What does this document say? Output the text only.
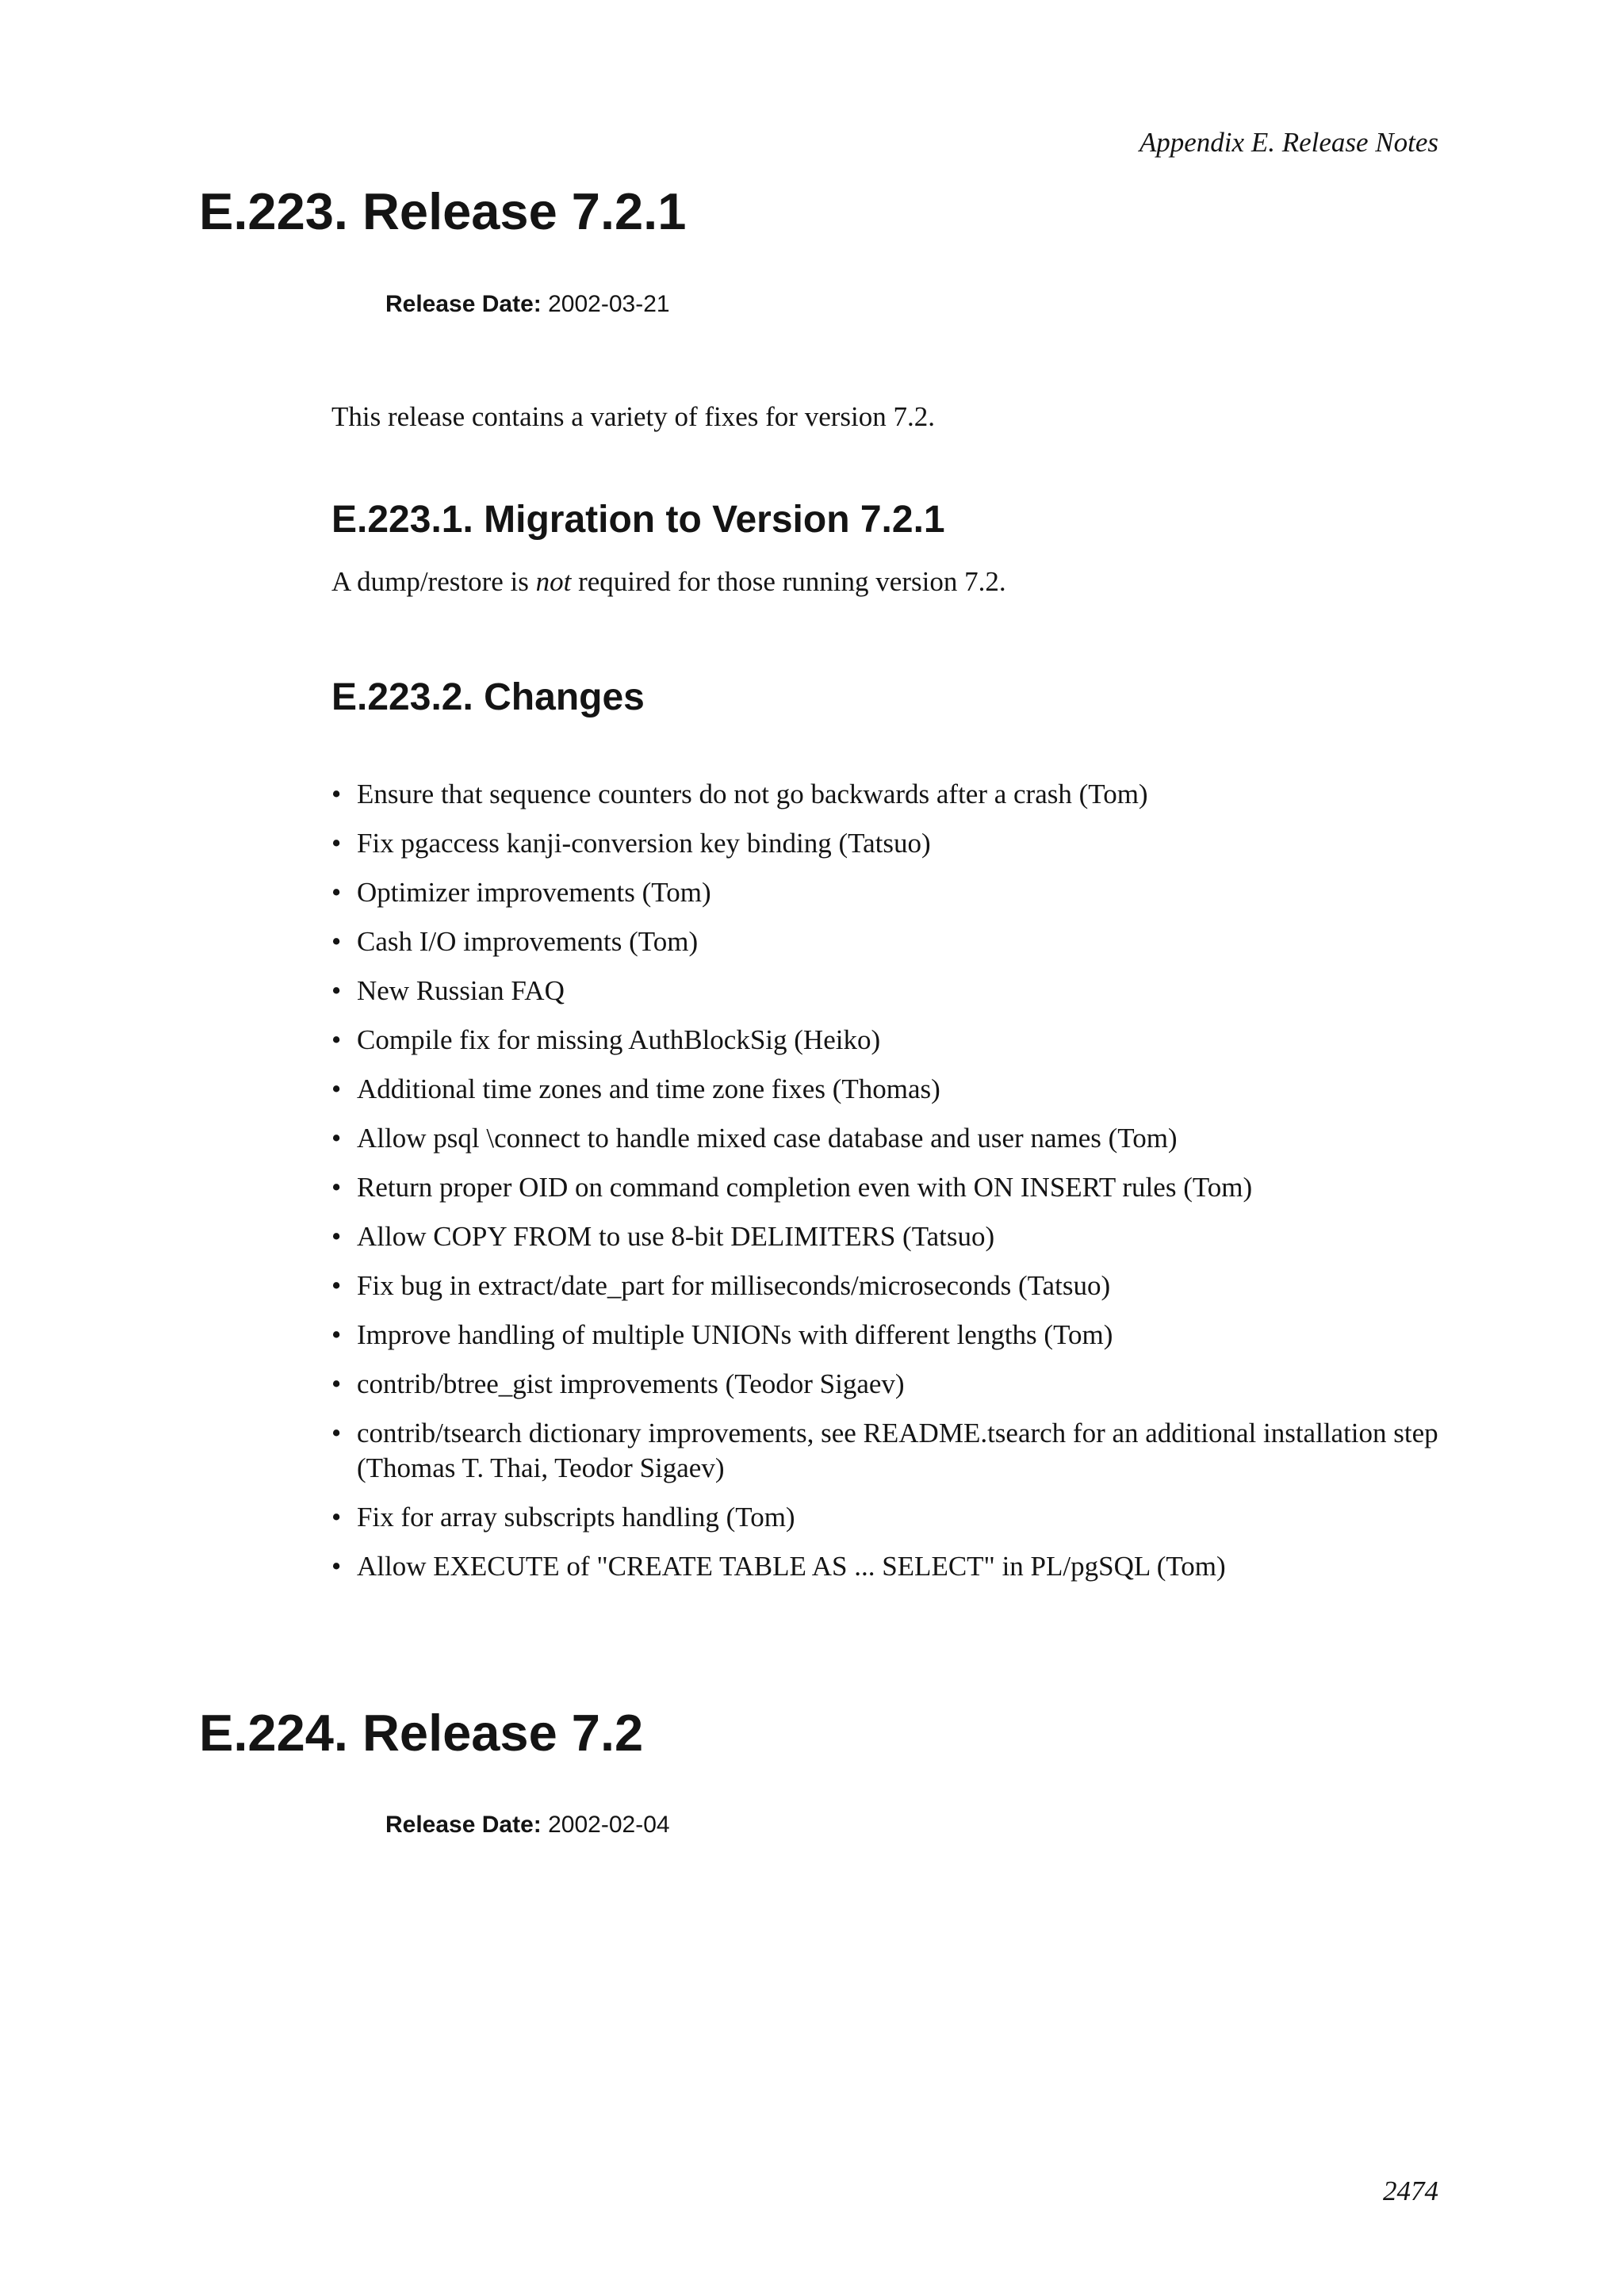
Appendix E. Release Notes
E.223. Release 7.2.1
Release Date: 2002-03-21
This release contains a variety of fixes for version 7.2.
E.223.1. Migration to Version 7.2.1
A dump/restore is not required for those running version 7.2.
E.223.2. Changes
• Ensure that sequence counters do not go backwards after a crash (Tom)
• Fix pgaccess kanji-conversion key binding (Tatsuo)
• Optimizer improvements (Tom)
• Cash I/O improvements (Tom)
• New Russian FAQ
• Compile fix for missing AuthBlockSig (Heiko)
• Additional time zones and time zone fixes (Thomas)
• Allow psql \connect to handle mixed case database and user names (Tom)
• Return proper OID on command completion even with ON INSERT rules (Tom)
• Allow COPY FROM to use 8-bit DELIMITERS (Tatsuo)
• Fix bug in extract/date_part for milliseconds/microseconds (Tatsuo)
• Improve handling of multiple UNIONs with different lengths (Tom)
• contrib/btree_gist improvements (Teodor Sigaev)
• contrib/tsearch dictionary improvements, see README.tsearch for an additional installation step (Thomas T. Thai, Teodor Sigaev)
• Fix for array subscripts handling (Tom)
• Allow EXECUTE of "CREATE TABLE AS ... SELECT" in PL/pgSQL (Tom)
E.224. Release 7.2
Release Date: 2002-02-04
2474
